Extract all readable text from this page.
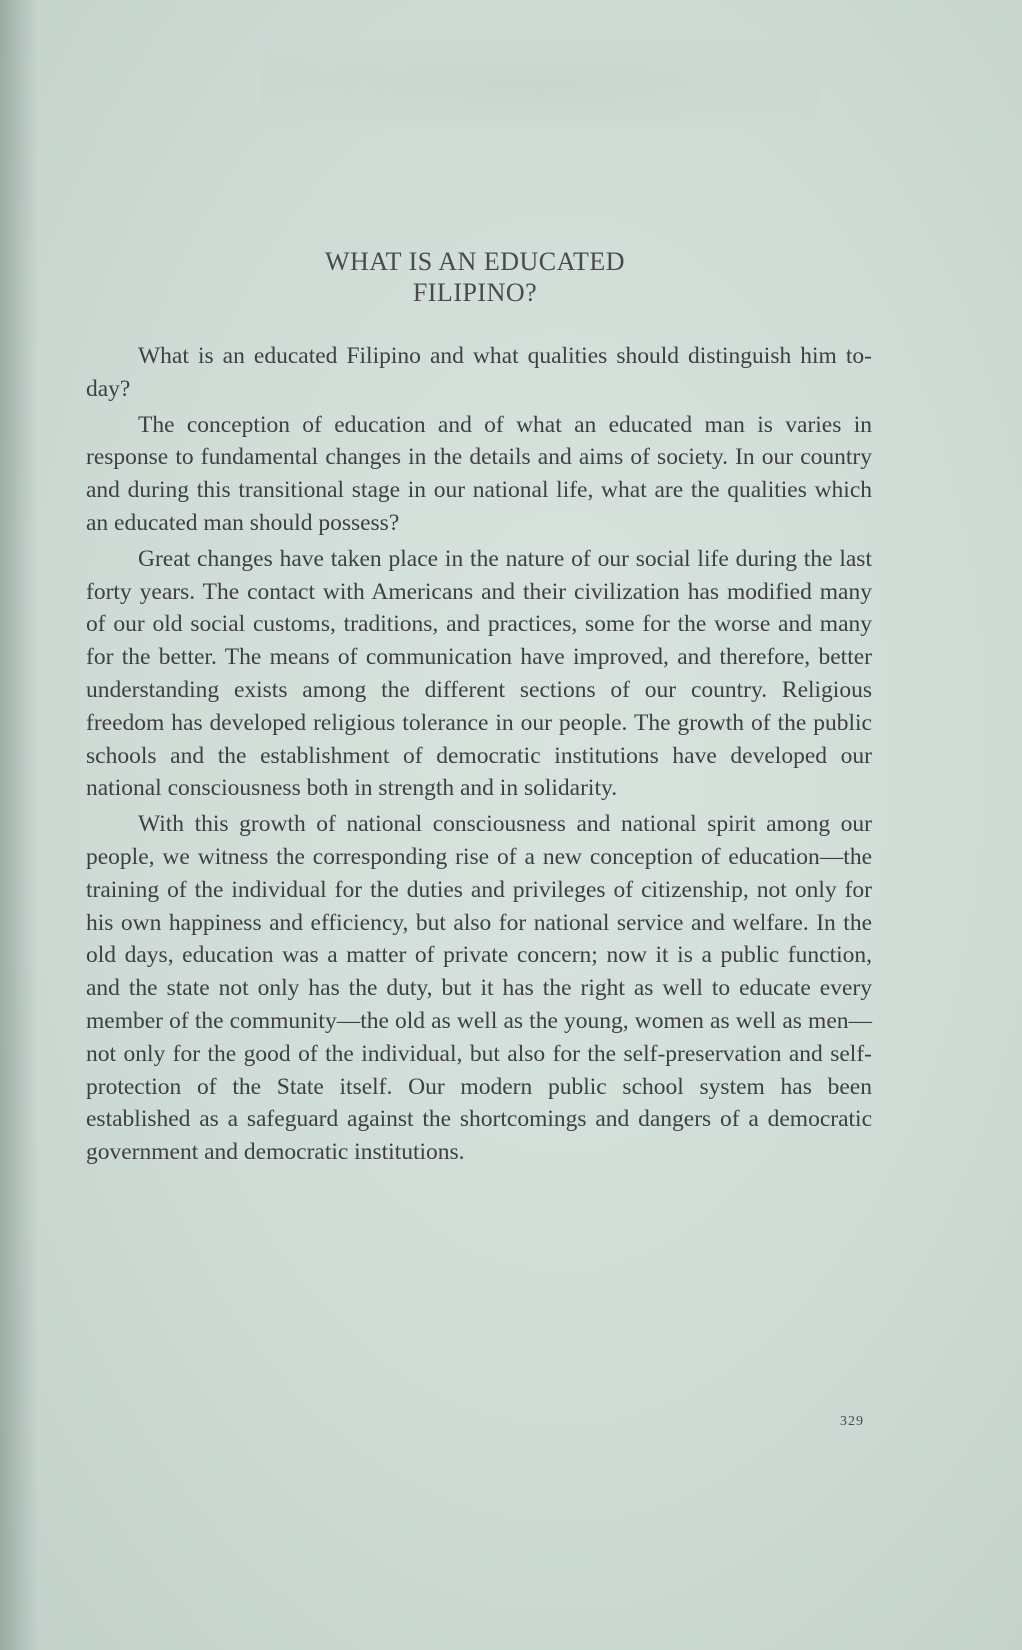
WHAT IS AN EDUCATED
FILIPINO?

What is an educated Filipino and what qualities should distinguish him to-day?

The conception of education and of what an educated man is varies in response to fundamental changes in the details and aims of society. In our country and during this transitional stage in our national life, what are the qualities which an educated man should possess?

Great changes have taken place in the nature of our social life during the last forty years. The contact with Americans and their civilization has modified many of our old social customs, traditions, and practices, some for the worse and many for the better. The means of communication have improved, and therefore, better understanding exists among the different sections of our country. Religious freedom has developed religious tolerance in our people. The growth of the public schools and the establishment of democratic institutions have developed our national consciousness both in strength and in solidarity.

With this growth of national consciousness and national spirit among our people, we witness the corresponding rise of a new conception of education—the training of the individual for the duties and privileges of citizenship, not only for his own happiness and efficiency, but also for national service and welfare. In the old days, education was a matter of private concern; now it is a public function, and the state not only has the duty, but it has the right as well to educate every member of the community—the old as well as the young, women as well as men—not only for the good of the individual, but also for the self-preservation and self-protection of the State itself. Our modern public school system has been established as a safeguard against the shortcomings and dangers of a democratic government and democratic institutions.

329
